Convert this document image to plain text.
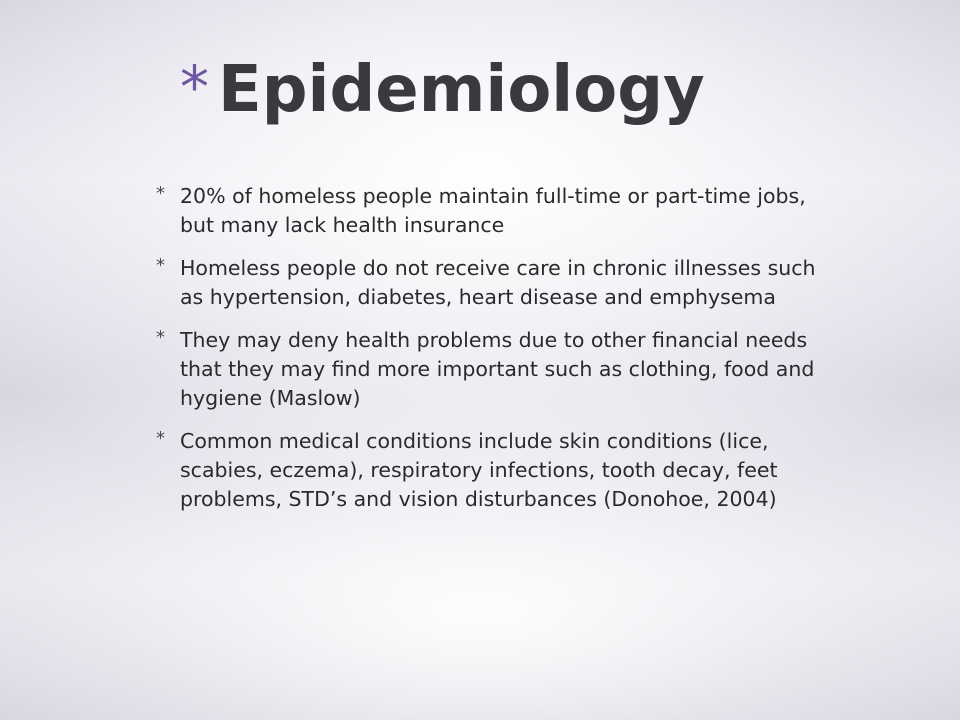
* Epidemiology
* 20% of homeless people maintain full-time or part-time jobs, but many lack health insurance
* Homeless people do not receive care in chronic illnesses such as hypertension, diabetes, heart disease and emphysema
* They may deny health problems due to other financial needs that they may find more important such as clothing, food and hygiene (Maslow)
* Common medical conditions include skin conditions (lice, scabies, eczema), respiratory infections, tooth decay, feet problems, STD’s and vision disturbances (Donohoe, 2004)
